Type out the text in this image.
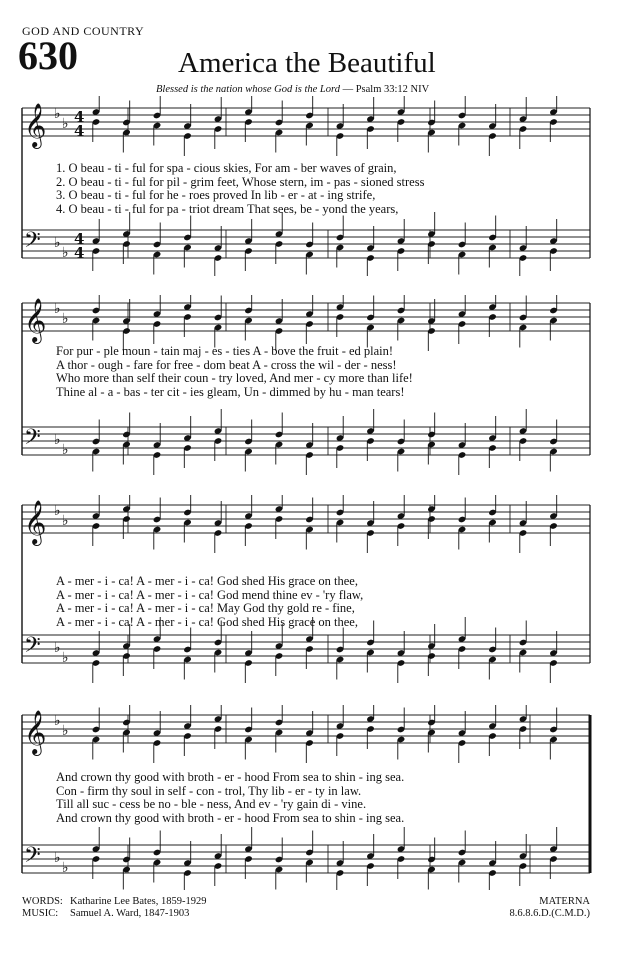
GOD AND COUNTRY
630	America the Beautiful
Blessed is the nation whose God is the Lord — Psalm 33:12 NIV
𝄞 ♭
♭ 4
4
𝄢 ♭
♭
4
4
1. O beau - ti - ful for spa - cious skies, For am - ber waves of grain,
2. O beau - ti - ful for pil - grim feet, Whose stern, im - pas - sioned stress
3. O beau - ti - ful for he - roes proved In lib - er - at - ing strife,
4. O beau - ti - ful for pa - triot dream That sees, be - yond the years,
𝄞 ♭
♭
𝄢 ♭
♭
For pur - ple moun - tain maj - es - ties A - bove the fruit - ed plain!
A thor - ough - fare for free - dom beat A - cross the wil - der - ness!
Who more than self their coun - try loved, And mer - cy more than life!
Thine al - a - bas - ter cit - ies gleam, Un - dimmed by hu - man tears!
𝄞 ♭
♭
𝄢 ♭
♭
A - mer - i - ca! A - mer - i - ca! God shed His grace on thee,
A - mer - i - ca! A - mer - i - ca! God mend thine ev - 'ry flaw,
A - mer - i - ca! A - mer - i - ca! May God thy gold re - fine,
A - mer - i - ca! A - mer - i - ca! God shed His grace on thee,
𝄞 ♭
♭
𝄢 ♭
♭
And crown thy good with broth - er - hood From sea to shin - ing sea.
Con - firm thy soul in self - con - trol, Thy lib - er - ty in law.
Till all suc - cess be no - ble - ness, And ev - 'ry gain di - vine.
And crown thy good with broth - er - hood From sea to shin - ing sea.
WORDS: Katharine Lee Bates, 1859-1929
MUSIC: Samuel A. Ward, 1847-1903
MATERNA
8.6.8.6.D.(C.M.D.)
